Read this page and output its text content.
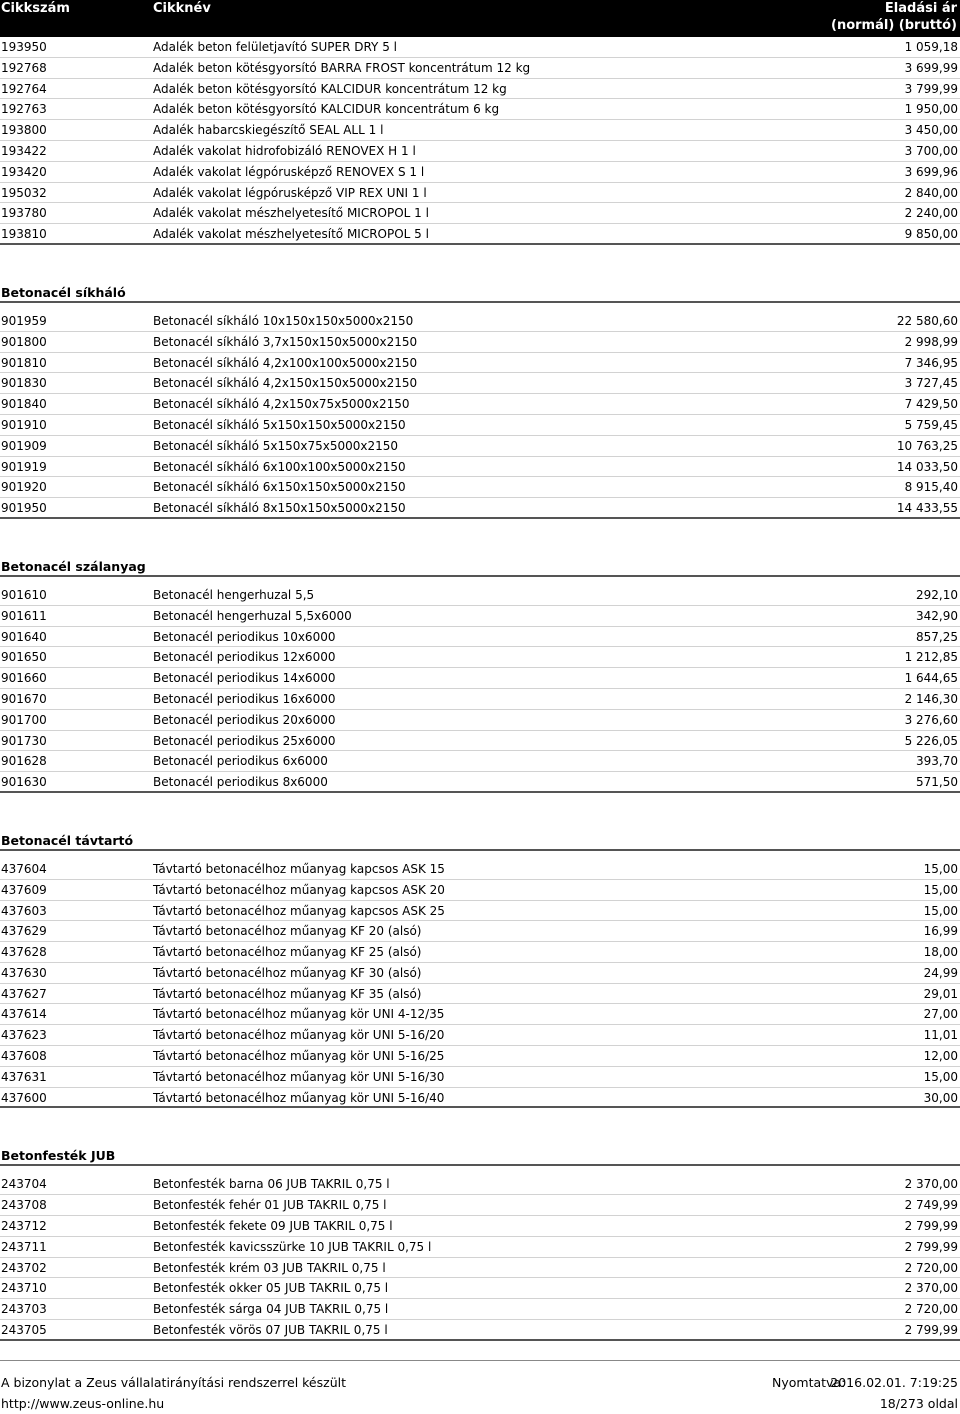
Cikkszám	Cikknév	Eladási ár
(normál) (bruttó)
193950	Adalék beton felületjavító SUPER DRY 5 l	1 059,18
192768	Adalék beton kötésgyorsító BARRA FROST koncentrátum 12 kg	3 699,99
192764	Adalék beton kötésgyorsító KALCIDUR koncentrátum 12 kg	3 799,99
192763	Adalék beton kötésgyorsító KALCIDUR koncentrátum 6 kg	1 950,00
193800	Adalék habarcskiegészítő SEAL ALL 1 l	3 450,00
193422	Adalék vakolat hidrofobizáló RENOVEX H 1 l	3 700,00
193420	Adalék vakolat légpórusképző RENOVEX S 1 l	3 699,96
195032	Adalék vakolat légpórusképző VIP REX UNI 1 l	2 840,00
193780	Adalék vakolat mészhelyetesítő MICROPOL 1 l	2 240,00
193810	Adalék vakolat mészhelyetesítő MICROPOL 5 l	9 850,00
Betonacél síkháló
901959	Betonacél síkháló 10x150x150x5000x2150	22 580,60
901800	Betonacél síkháló 3,7x150x150x5000x2150	2 998,99
901810	Betonacél síkháló 4,2x100x100x5000x2150	7 346,95
901830	Betonacél síkháló 4,2x150x150x5000x2150	3 727,45
901840	Betonacél síkháló 4,2x150x75x5000x2150	7 429,50
901910	Betonacél síkháló 5x150x150x5000x2150	5 759,45
901909	Betonacél síkháló 5x150x75x5000x2150	10 763,25
901919	Betonacél síkháló 6x100x100x5000x2150	14 033,50
901920	Betonacél síkháló 6x150x150x5000x2150	8 915,40
901950	Betonacél síkháló 8x150x150x5000x2150	14 433,55
Betonacél szálanyag
901610	Betonacél hengerhuzal 5,5	292,10
901611	Betonacél hengerhuzal 5,5x6000	342,90
901640	Betonacél periodikus 10x6000	857,25
901650	Betonacél periodikus 12x6000	1 212,85
901660	Betonacél periodikus 14x6000	1 644,65
901670	Betonacél periodikus 16x6000	2 146,30
901700	Betonacél periodikus 20x6000	3 276,60
901730	Betonacél periodikus 25x6000	5 226,05
901628	Betonacél periodikus 6x6000	393,70
901630	Betonacél periodikus 8x6000	571,50
Betonacél távtartó
437604	Távtartó betonacélhoz műanyag kapcsos ASK 15	15,00
437609	Távtartó betonacélhoz műanyag kapcsos ASK 20	15,00
437603	Távtartó betonacélhoz műanyag kapcsos ASK 25	15,00
437629	Távtartó betonacélhoz műanyag KF 20 (alsó)	16,99
437628	Távtartó betonacélhoz műanyag KF 25 (alsó)	18,00
437630	Távtartó betonacélhoz műanyag KF 30 (alsó)	24,99
437627	Távtartó betonacélhoz műanyag KF 35 (alsó)	29,01
437614	Távtartó betonacélhoz műanyag kör UNI 4-12/35	27,00
437623	Távtartó betonacélhoz műanyag kör UNI 5-16/20	11,01
437608	Távtartó betonacélhoz műanyag kör UNI 5-16/25	12,00
437631	Távtartó betonacélhoz műanyag kör UNI 5-16/30	15,00
437600	Távtartó betonacélhoz műanyag kör UNI 5-16/40	30,00
Betonfesték JUB
243704	Betonfesték barna 06 JUB TAKRIL 0,75 l	2 370,00
243708	Betonfesték fehér 01 JUB TAKRIL 0,75 l	2 749,99
243712	Betonfesték fekete 09 JUB TAKRIL 0,75 l	2 799,99
243711	Betonfesték kavicsszürke 10 JUB TAKRIL 0,75 l	2 799,99
243702	Betonfesték krém 03 JUB TAKRIL 0,75 l	2 720,00
243710	Betonfesték okker 05 JUB TAKRIL 0,75 l	2 370,00
243703	Betonfesték sárga 04 JUB TAKRIL 0,75 l	2 720,00
243705	Betonfesték vörös 07 JUB TAKRIL 0,75 l	2 799,99
A bizonylat a Zeus vállalatirányítási rendszerrel készült
http://www.zeus-online.hu
Nyomtatva:
2016.02.01. 7:19:25
18/273 oldal
